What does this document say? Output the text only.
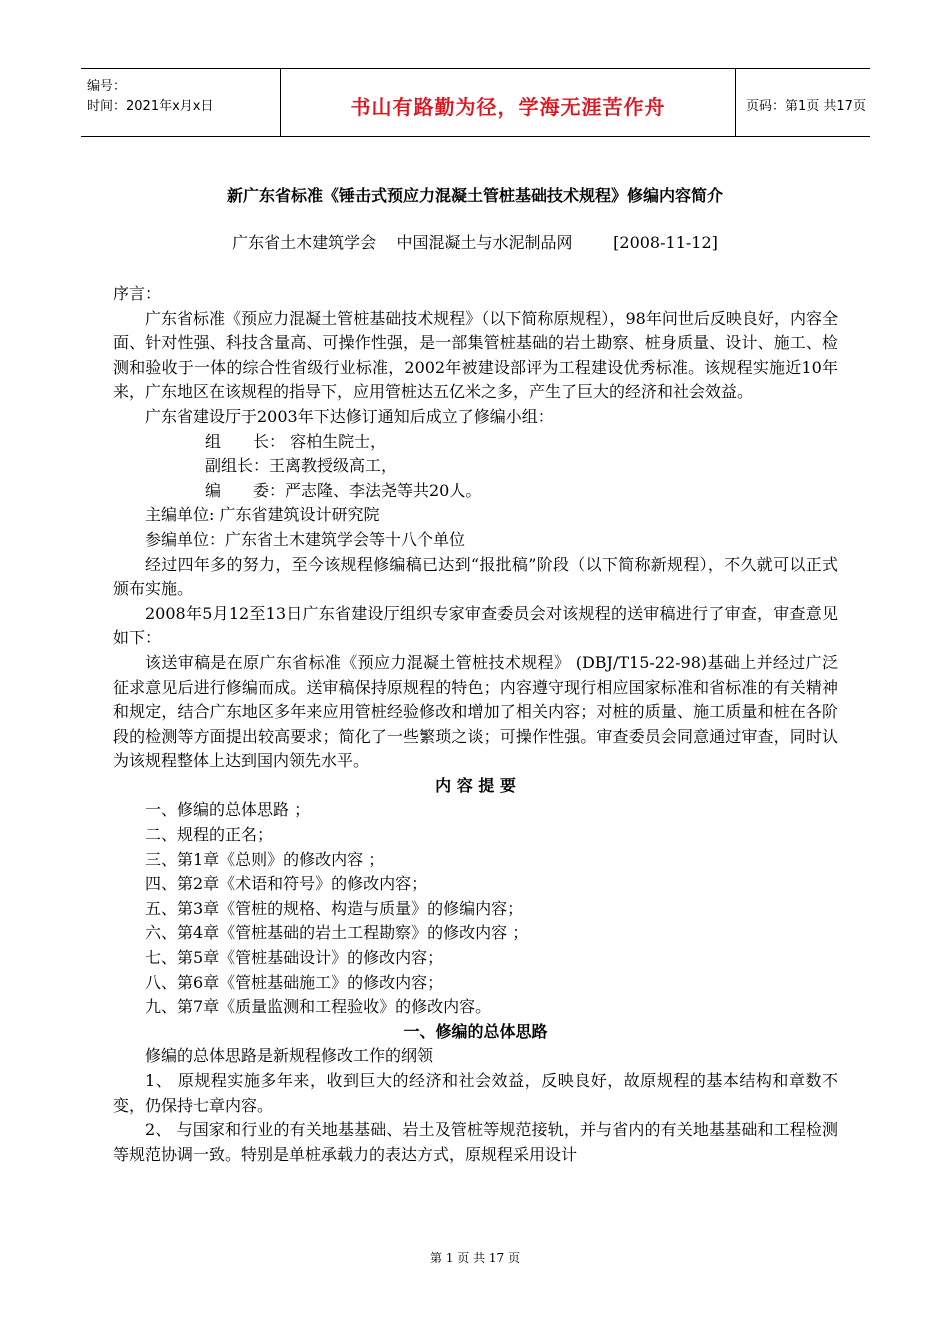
编号：
时间：2021年x月x日	书山有路勤为径，学海无涯苦作舟	页码：第1页 共17页
新广东省标准《锤击式预应力混凝土管桩基础技术规程》修编内容简介
广东省土木建筑学会    中国混凝土与水泥制品网        [2008-11-12]

序言：

广东省标准《预应力混凝土管桩基础技术规程》（以下简称原规程），98年问世后反映良好，内容全面、针对性强、科技含量高、可操作性强，是一部集管桩基础的岩土勘察、桩身质量、设计、施工、检测和验收于一体的综合性省级行业标准，2002年被建设部评为工程建设优秀标准。该规程实施近10年来，广东地区在该规程的指导下，应用管桩达五亿米之多，产生了巨大的经济和社会效益。

广东省建设厅于2003年下达修订通知后成立了修编小组：

组　　长： 容柏生院士，

副组长：王离教授级高工，

编　　委：严志隆、李法尧等共20人。

主编单位: 广东省建筑设计研究院

参编单位：广东省土木建筑学会等十八个单位

经过四年多的努力，至今该规程修编稿已达到“报批稿”阶段（以下简称新规程），不久就可以正式颁布实施。

2008年5月12至13日广东省建设厅组织专家审查委员会对该规程的送审稿进行了审查，审查意见如下：

该送审稿是在原广东省标准《预应力混凝土管桩技术规程》 (DBJ/T15-22-98)基础上并经过广泛征求意见后进行修编而成。送审稿保持原规程的特色；内容遵守现行相应国家标准和省标准的有关精神和规定，结合广东地区多年来应用管桩经验修改和增加了相关内容；对桩的质量、施工质量和桩在各阶段的检测等方面提出较高要求；简化了一些繁琐之谈；可操作性强。审查委员会同意通过审查，同时认为该规程整体上达到国内领先水平。

内 容 提 要

一、修编的总体思路 ；

二、规程的正名；

三、第1章《总则》的修改内容 ；

四、第2章《术语和符号》的修改内容；

五、第3章《管桩的规格、构造与质量》的修编内容；

六、第4章《管桩基础的岩土工程勘察》的修改内容 ；

七、第5章《管桩基础设计》的修改内容；

八、第6章《管桩基础施工》的修改内容；

九、第7章《质量监测和工程验收》的修改内容。

一、修编的总体思路

修编的总体思路是新规程修改工作的纲领

1、 原规程实施多年来，收到巨大的经济和社会效益，反映良好，故原规程的基本结构和章数不变，仍保持七章内容。

2、 与国家和行业的有关地基基础、岩土及管桩等规范接轨，并与省内的有关地基基础和工程检测等规范协调一致。特别是单桩承载力的表达方式，原规程采用设计

第 1 页 共 17 页
